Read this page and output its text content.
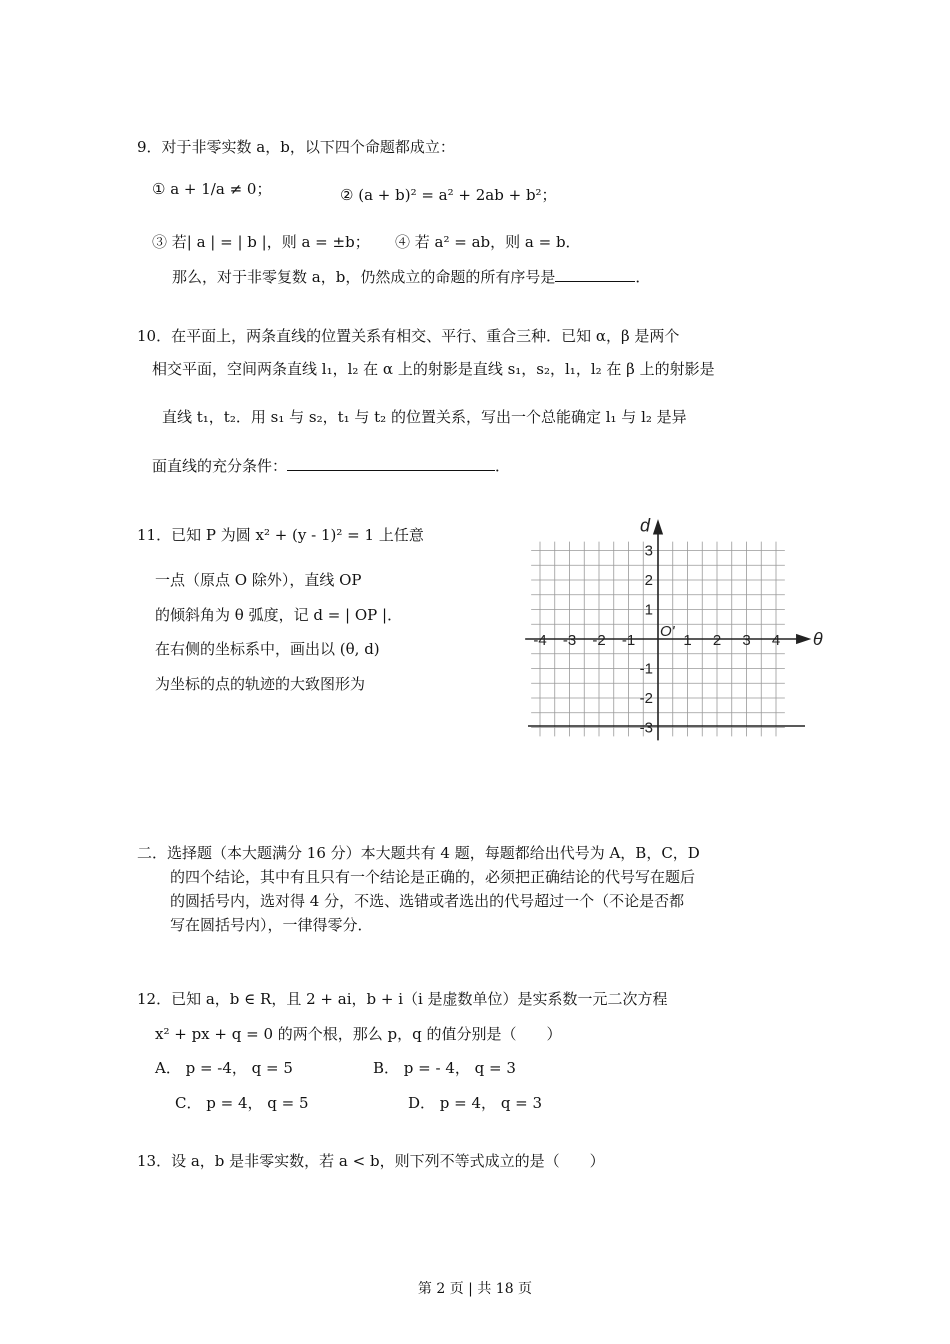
9．对于非零实数 a，b，以下四个命题都成立：
① a + 1/a ≠ 0；	② (a + b)² = a² + 2ab + b²；
③ 若| a | = | b |，则 a = ±b； ④ 若 a² = ab，则 a = b．
那么，对于非零复数 a，b，仍然成立的命题的所有序号是	．
10．在平面上，两条直线的位置关系有相交、平行、重合三种．已知 α，β 是两个
相交平面，空间两条直线 l₁，l₂ 在 α 上的射影是直线 s₁，s₂，l₁，l₂ 在 β 上的射影是
直线 t₁，t₂．用 s₁ 与 s₂，t₁ 与 t₂ 的位置关系，写出一个总能确定 l₁ 与 l₂ 是异
面直线的充分条件：	．
11．已知 P 为圆 x² + (y - 1)² = 1 上任意
一点（原点 O 除外），直线 OP
的倾斜角为 θ 弧度，记 d = | OP |．
在右侧的坐标系中，画出以 (θ, d)
为坐标的点的轨迹的大致图形为
-4 -3 -2 -1	1 2 3 4
3
2
1
-1
-2
-3
O'	θ
d
二．选择题（本大题满分 16 分）本大题共有 4 题，每题都给出代号为 A，B，C，D
的四个结论，其中有且只有一个结论是正确的，必须把正确结论的代号写在题后
的圆括号内，选对得 4 分，不选、选错或者选出的代号超过一个（不论是否都
写在圆括号内），一律得零分．
12．已知 a，b ∈ R，且 2 + ai，b + i（i 是虚数单位）是实系数一元二次方程
x² + px + q = 0 的两个根，那么 p，q 的值分别是（　　）
A． p = -4， q = 5	B． p = - 4， q = 3
C． p = 4， q = 5	D． p = 4， q = 3
13．设 a，b 是非零实数，若 a < b，则下列不等式成立的是（　　）
第 2 页 | 共 18 页
